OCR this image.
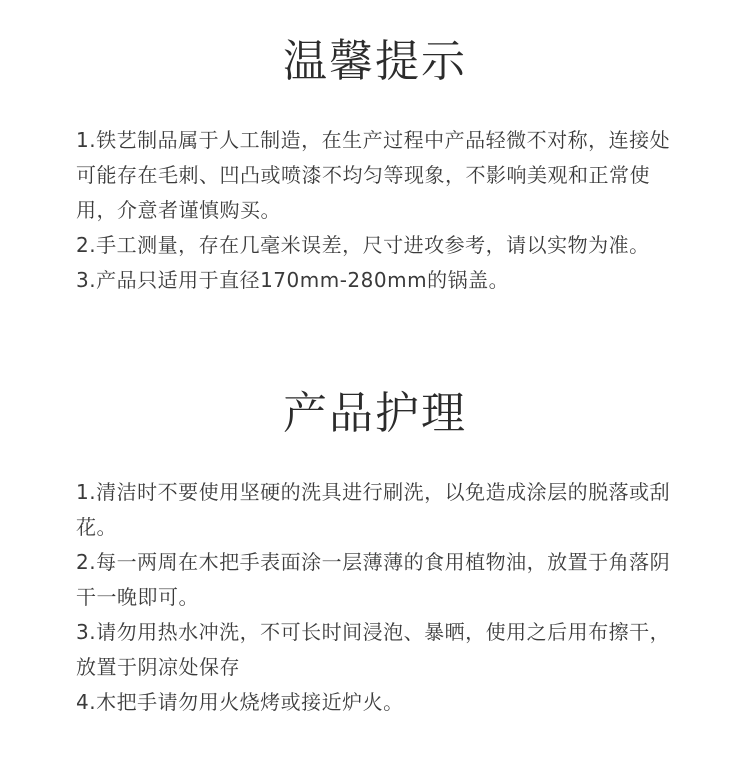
温馨提示
1.铁艺制品属于人工制造，在生产过程中产品轻微不对称，连接处可能存在毛刺、凹凸或喷漆不均匀等现象，不影响美观和正常使用，介意者谨慎购买。
2.手工测量，存在几毫米误差，尺寸进攻参考，请以实物为准。
3.产品只适用于直径170mm-280mm的锅盖。
产品护理
1.清洁时不要使用坚硬的洗具进行刷洗，以免造成涂层的脱落或刮花。
2.每一两周在木把手表面涂一层薄薄的食用植物油，放置于角落阴干一晚即可。
3.请勿用热水冲洗，不可长时间浸泡、暴晒，使用之后用布擦干，放置于阴凉处保存
4.木把手请勿用火烧烤或接近炉火。
